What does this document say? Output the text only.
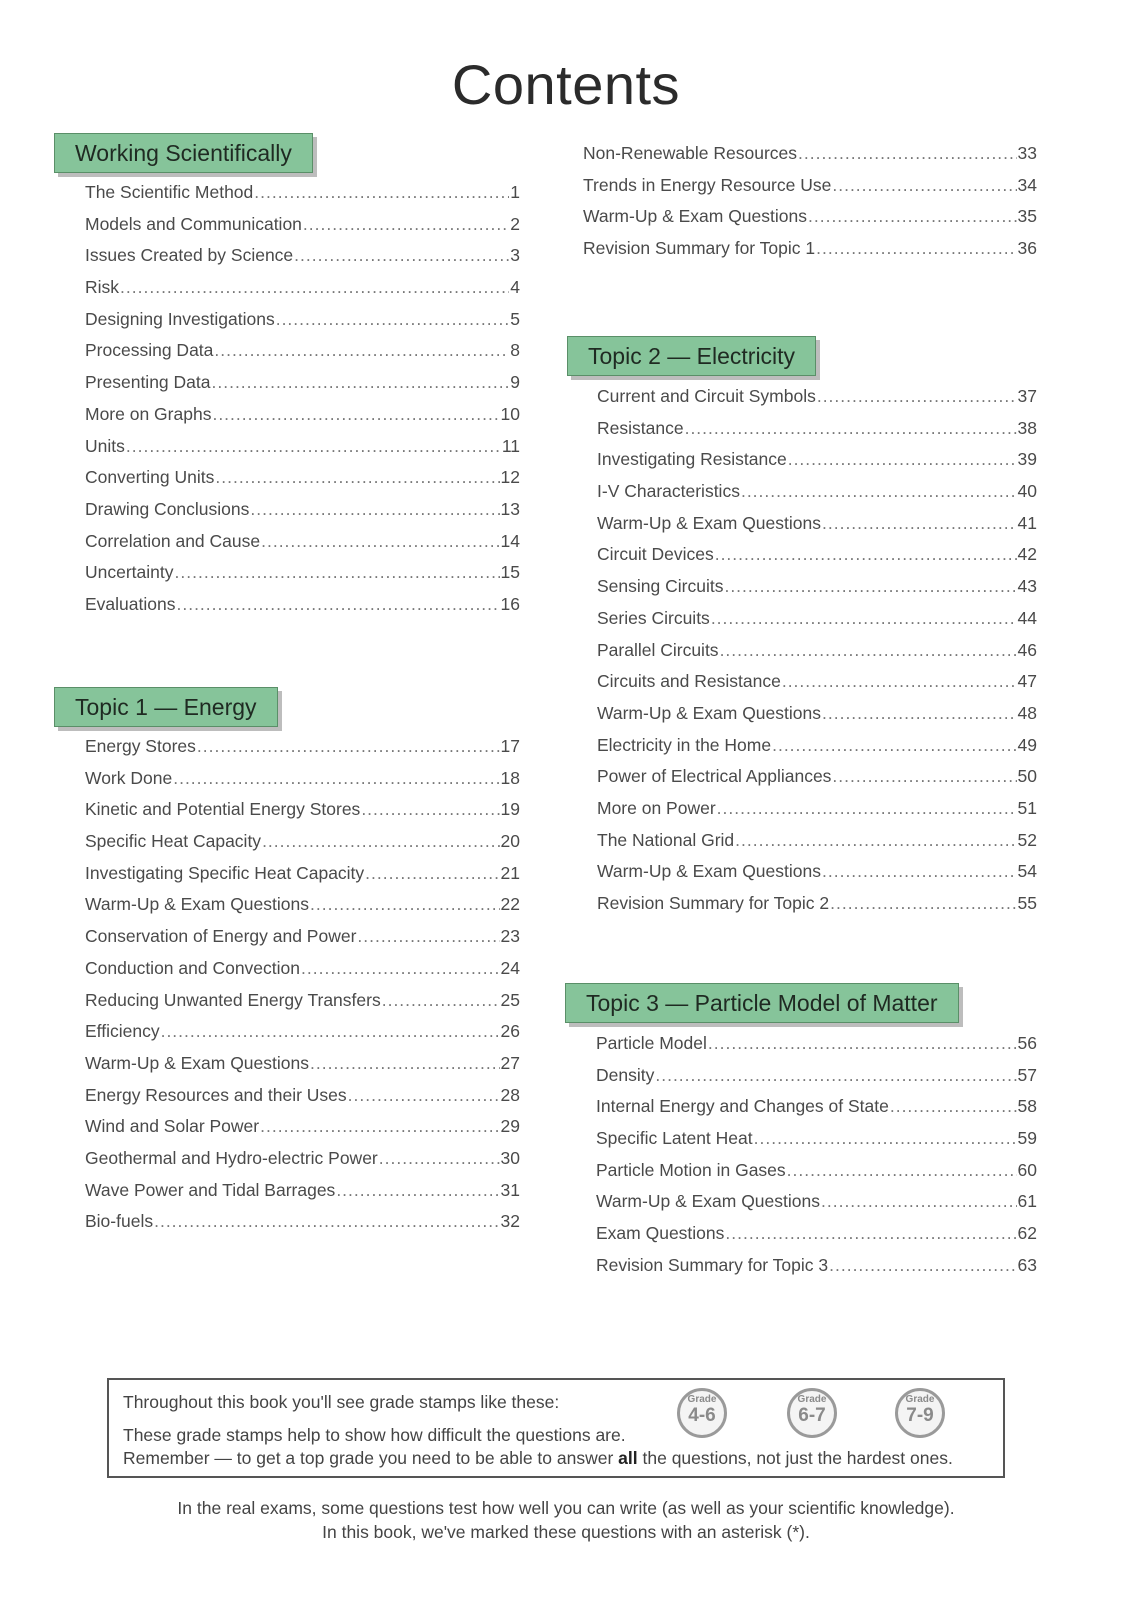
Contents
Working Scientifically
The Scientific Method .....	1
Models and Communication .....	2
Issues Created by Science .....	3
Risk .....	4
Designing Investigations .....	5
Processing Data .....	8
Presenting Data .....	9
More on Graphs .....	10
Units .....	11
Converting Units .....	12
Drawing Conclusions .....	13
Correlation and Cause .....	14
Uncertainty .....	15
Evaluations .....	16
Topic 1 — Energy
Energy Stores .....	17
Work Done .....	18
Kinetic and Potential Energy Stores .....	19
Specific Heat Capacity .....	20
Investigating Specific Heat Capacity .....	21
Warm-Up & Exam Questions .....	22
Conservation of Energy and Power .....	23
Conduction and Convection .....	24
Reducing Unwanted Energy Transfers .....	25
Efficiency .....	26
Warm-Up & Exam Questions .....	27
Energy Resources and their Uses .....	28
Wind and Solar Power .....	29
Geothermal and Hydro-electric Power .....	30
Wave Power and Tidal Barrages .....	31
Bio-fuels .....	32
Non-Renewable Resources .....	33
Trends in Energy Resource Use .....	34
Warm-Up & Exam Questions .....	35
Revision Summary for Topic 1 .....	36
Topic 2 — Electricity
Current and Circuit Symbols .....	37
Resistance .....	38
Investigating Resistance .....	39
I-V Characteristics .....	40
Warm-Up & Exam Questions .....	41
Circuit Devices .....	42
Sensing Circuits .....	43
Series Circuits .....	44
Parallel Circuits .....	46
Circuits and Resistance .....	47
Warm-Up & Exam Questions .....	48
Electricity in the Home .....	49
Power of Electrical Appliances .....	50
More on Power .....	51
The National Grid .....	52
Warm-Up & Exam Questions .....	54
Revision Summary for Topic 2 .....	55
Topic 3 — Particle Model of Matter
Particle Model .....	56
Density .....	57
Internal Energy and Changes of State .....	58
Specific Latent Heat .....	59
Particle Motion in Gases .....	60
Warm-Up & Exam Questions .....	61
Exam Questions .....	62
Revision Summary for Topic 3 .....	63
Throughout this book you'll see grade stamps like these:
These grade stamps help to show how difficult the questions are.
Remember — to get a top grade you need to be able to answer all the questions, not just the hardest ones.
Grade
4-6
Grade
6-7
Grade
7-9
In the real exams, some questions test how well you can write (as well as your scientific knowledge).
In this book, we've marked these questions with an asterisk (*).
